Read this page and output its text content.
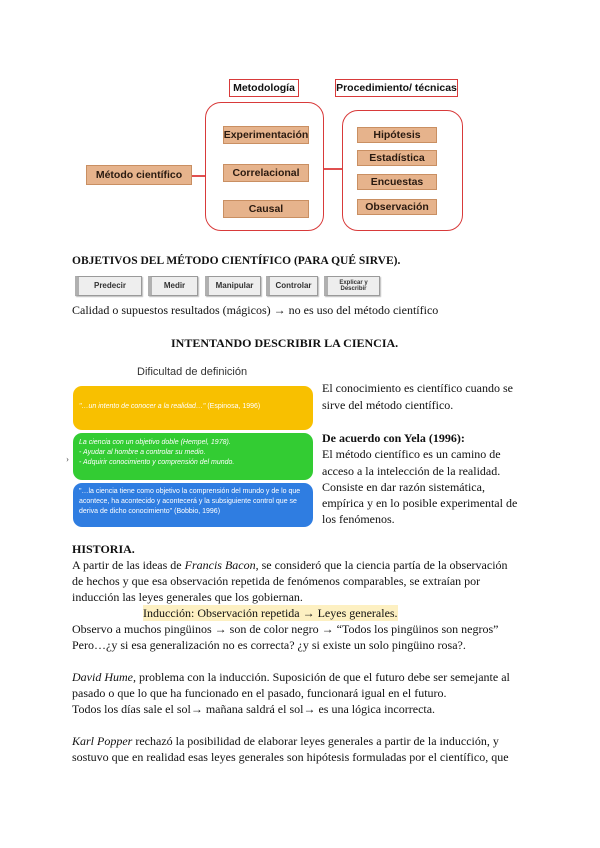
Metodología	Procedimiento/ técnicas
Método científico
Experimentación
Correlacional
Causal
Hipótesis
Estadística
Encuestas
Observación
OBJETIVOS DEL MÉTODO CIENTÍFICO (PARA QUÉ SIRVE).
Predecir	Medir	Manipular	Controlar	Explicar y Describir
Calidad o supuestos resultados (mágicos) → no es uso del método científico
INTENTANDO DESCRIBIR LA CIENCIA.
Dificultad de definición
"…un intento de conocer a la realidad…" (Espinosa, 1996)
La ciencia con un objetivo doble (Hempel, 1978).
- Ayudar al hombre a controlar su medio.
- Adquirir conocimiento y comprensión del mundo.
›
"…la ciencia tiene como objetivo la comprensión del mundo y de lo que acontece, ha acontecido y acontecerá y la subsiguiente control que se deriva de dicho conocimiento" (Bobbio, 1996)
El conocimiento es científico cuando se
sirve del método científico.
De acuerdo con Yela (1996):
El método científico es un camino de
acceso a la intelección de la realidad.
Consiste en dar razón sistemática,
empírica y en lo posible experimental de
los fenómenos.
HISTORIA.
A partir de las ideas de Francis Bacon, se consideró que la ciencia partía de la observación
de hechos y que esa observación repetida de fenómenos comparables, se extraían por
inducción las leyes generales que los gobiernan.
Inducción: Observación repetida → Leyes generales.
Observo a muchos pingüinos → son de color negro → “Todos los pingüinos son negros”
Pero…¿y si esa generalización no es correcta? ¿y si existe un solo pingüino rosa?.
David Hume, problema con la inducción. Suposición de que el futuro debe ser semejante al
pasado o que lo que ha funcionado en el pasado, funcionará igual en el futuro.
Todos los días sale el sol→ mañana saldrá el sol→ es una lógica incorrecta.
Karl Popper rechazó la posibilidad de elaborar leyes generales a partir de la inducción, y
sostuvo que en realidad esas leyes generales son hipótesis formuladas por el científico, que
